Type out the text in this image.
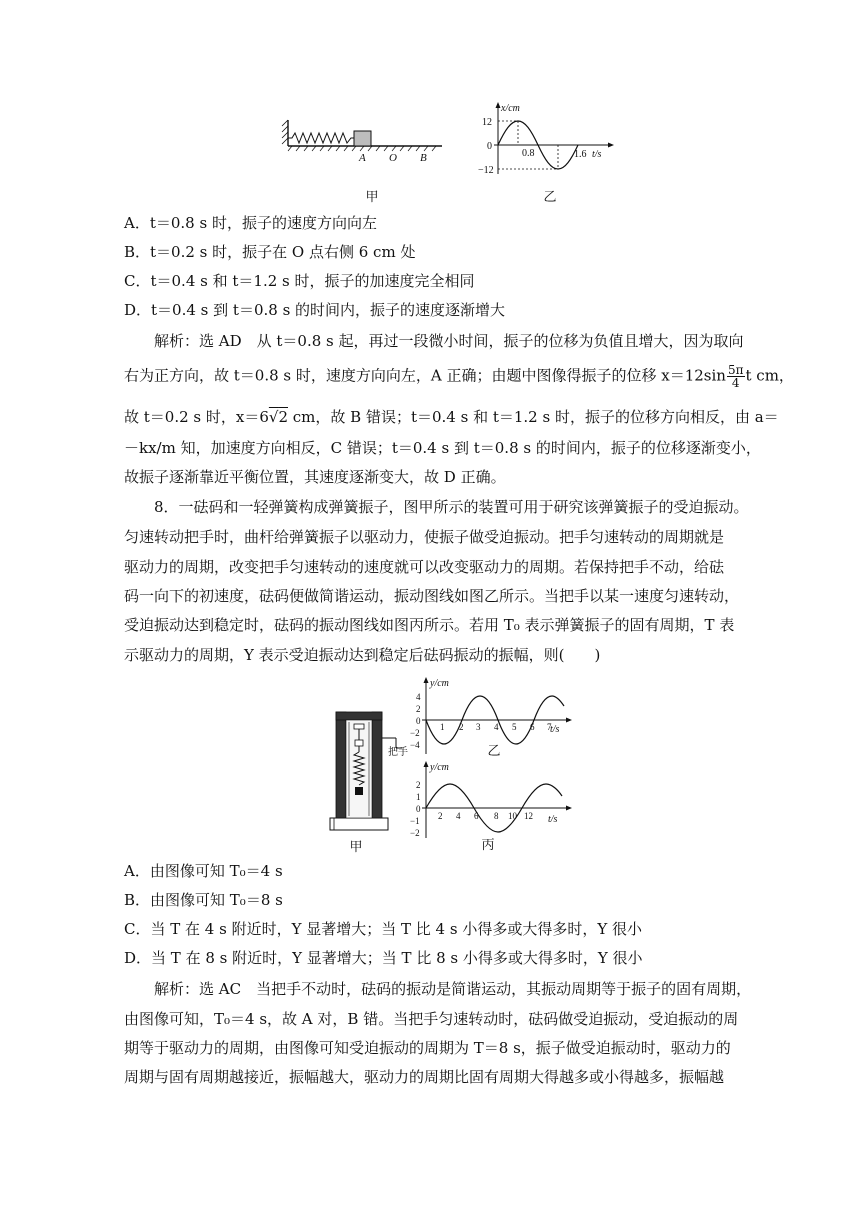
A O B
甲
x/cm
t/s
12
0
−12
0.8	1.6
乙
A．t＝0.8 s 时，振子的速度方向向左
B．t＝0.2 s 时，振子在 O 点右侧 6 cm 处
C．t＝0.4 s 和 t＝1.2 s 时，振子的加速度完全相同
D．t＝0.4 s 到 t＝0.8 s 的时间内，振子的速度逐渐增大
解析：选 AD　从 t＝0.8 s 起，再过一段微小时间，振子的位移为负值且增大，因为取向
右为正方向，故 t＝0.8 s 时，速度方向向左，A 正确；由题中图像得振子的位移 $x=12\sin \frac{5\pi}{4}$ t cm，
故 t＝0.2 s 时，x＝6√2 cm，故 B 错误；t＝0.4 s 和 t＝1.2 s 时，振子的位移方向相反，由 a＝
－kx/m 知，加速度方向相反，C 错误；t＝0.4 s 到 t＝0.8 s 的时间内，振子的位移逐渐变小，
故振子逐渐靠近平衡位置，其速度逐渐变大，故 D 正确。
8．一砝码和一轻弹簧构成弹簧振子，图甲所示的装置可用于研究该弹簧振子的受迫振动。
匀速转动把手时，曲杆给弹簧振子以驱动力，使振子做受迫振动。把手匀速转动的周期就是
驱动力的周期，改变把手匀速转动的速度就可以改变驱动力的周期。若保持把手不动，给砝
码一向下的初速度，砝码便做简谐运动，振动图线如图乙所示。当把手以某一速度匀速转动，
受迫振动达到稳定时，砝码的振动图线如图丙所示。若用 T₀ 表示弹簧振子的固有周期，T 表
示驱动力的周期，Y 表示受迫振动达到稳定后砝码振动的振幅，则(　　)
把手
甲
y/cm
t/s
4
2
0
−2
−4
1 2 3 4 5 6 7
乙
y/cm
t/s
2
1
0
−1
−2
2 4 6 8 10 12
丙
A．由图像可知 T₀＝4 s
B．由图像可知 T₀＝8 s
C．当 T 在 4 s 附近时，Y 显著增大；当 T 比 4 s 小得多或大得多时，Y 很小
D．当 T 在 8 s 附近时，Y 显著增大；当 T 比 8 s 小得多或大得多时，Y 很小
解析：选 AC　当把手不动时，砝码的振动是简谐运动，其振动周期等于振子的固有周期，
由图像可知，T₀＝4 s，故 A 对，B 错。当把手匀速转动时，砝码做受迫振动，受迫振动的周
期等于驱动力的周期，由图像可知受迫振动的周期为 T＝8 s，振子做受迫振动时，驱动力的
周期与固有周期越接近，振幅越大，驱动力的周期比固有周期大得越多或小得越多，振幅越
